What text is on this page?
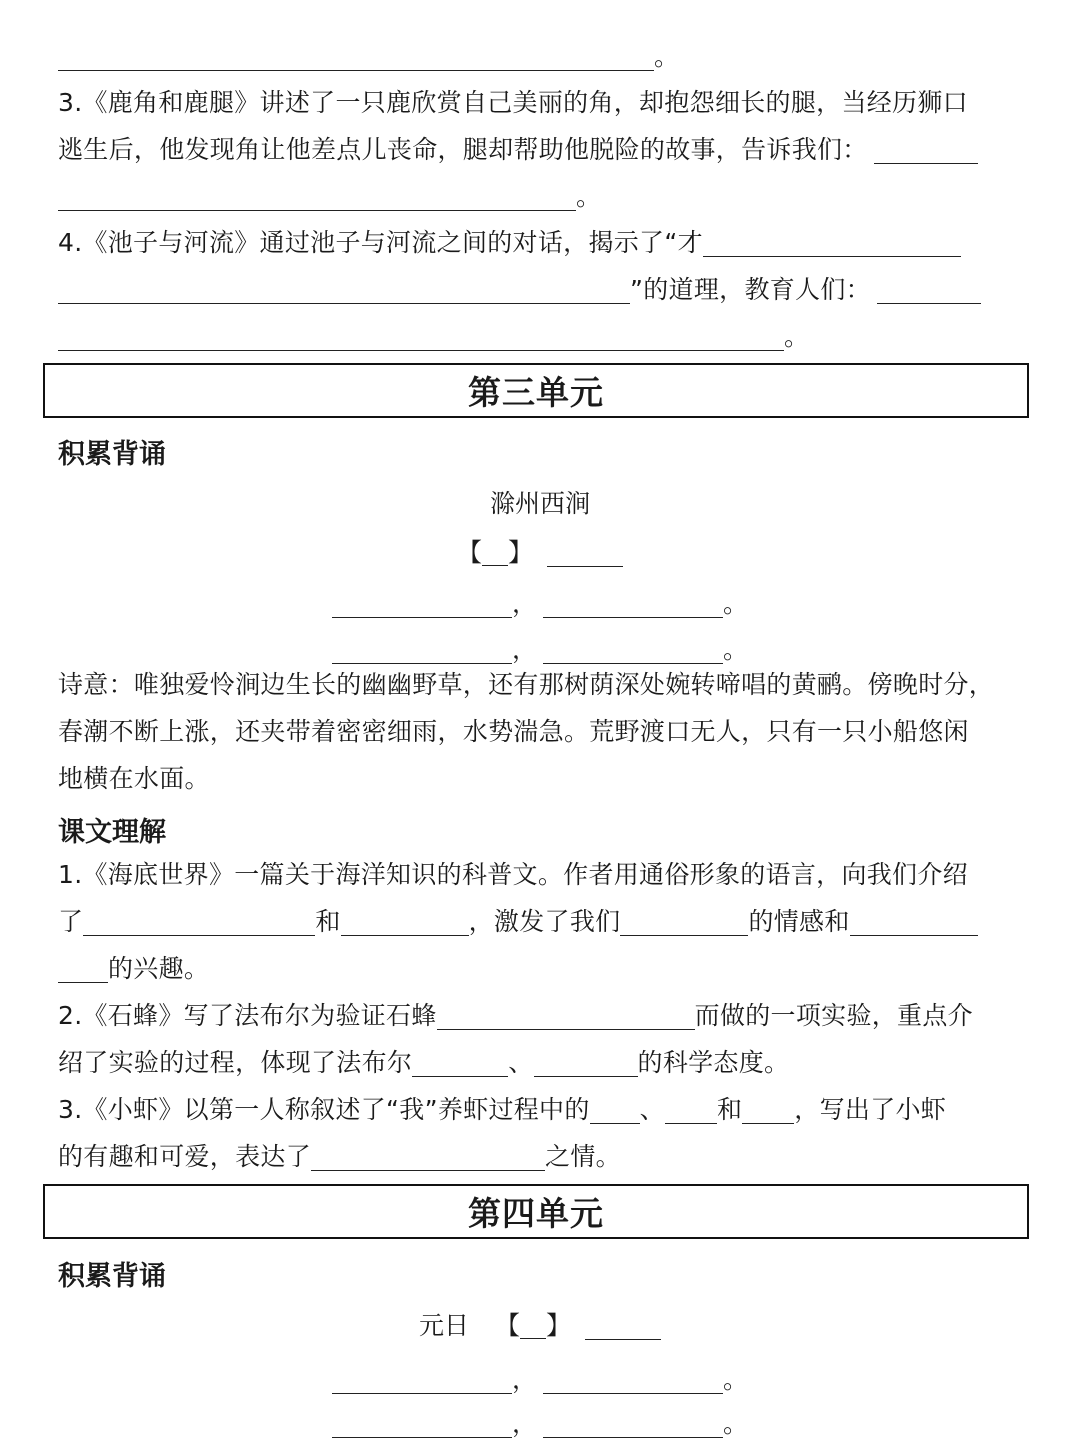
。
3.《鹿角和鹿腿》讲述了一只鹿欣赏自己美丽的角，却抱怨细长的腿，当经历狮口
逃生后，他发现角让他差点儿丧命，腿却帮助他脱险的故事，告诉我们：
。
4.《池子与河流》通过池子与河流之间的对话，揭示了“才
”的道理，教育人们：
。
第三单元
积累背诵
滁州西涧
【 】
，	。
，	。
诗意：唯独爱怜涧边生长的幽幽野草，还有那树荫深处婉转啼唱的黄鹂。傍晚时分，
春潮不断上涨，还夹带着密密细雨，水势湍急。荒野渡口无人，只有一只小船悠闲
地横在水面。
课文理解
1.《海底世界》一篇关于海洋知识的科普文。作者用通俗形象的语言，向我们介绍
了	和	，激发了我们	的情感和
的兴趣。
2.《石蜂》写了法布尔为验证石蜂	而做的一项实验，重点介
绍了实验的过程，体现了法布尔	、	的科学态度。
3.《小虾》以第一人称叙述了“我”养虾过程中的 、 和 ，写出了小虾
的有趣和可爱，表达了	之情。
第四单元
积累背诵
元日 【 】
，	。
，	。
